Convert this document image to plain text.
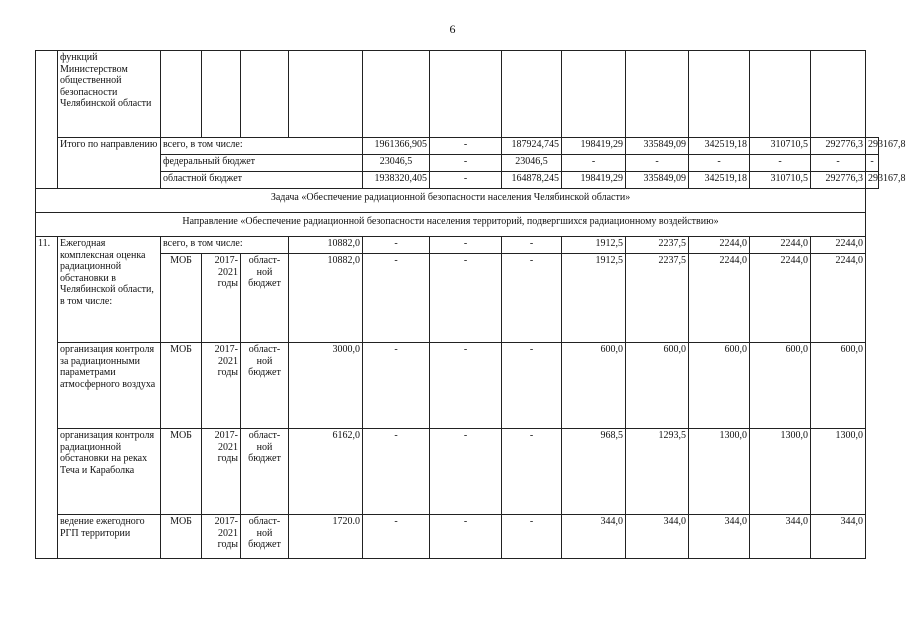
6
	функций Министерством общественной безопасности Челябинской области													
	Итого по направлению	всего, в том числе:				1961366,905	-	187924,745	198419,29	335849,09	342519,18	310710,5	292776,3	293167,8
		федеральный бюджет				23046,5	-	23046,5	-	-	-	-	-	-
		областной бюджет				1938320,405	-	164878,245	198419,29	335849,09	342519,18	310710,5	292776,3	293167,8
Задача «Обеспечение радиационной безопасности населения Челябинской области»														
Направление «Обеспечение радиационной безопасности населения территорий, подвергшихся радиационному воздействию»														
11.	Ежегодная комплексная оценка радиационной обстановки в Челябинской области, в том числе:	всего, в том числе:			10882,0	-	-	-	1912,5	2237,5	2244,0	2244,0	2244,0	
		МОБ	2017-2021 годы	област-ной бюджет	10882,0	-	-	-	1912,5	2237,5	2244,0	2244,0	2244,0	
	организация контроля за радиационными параметрами атмосферного воздуха	МОБ	2017-2021 годы	област-ной бюджет	3000,0	-	-	-	600,0	600,0	600,0	600,0	600,0	
	организация контроля радиационной обстановки на реках Теча и Караболка	МОБ	2017-2021 годы	област-ной бюджет	6162,0	-	-	-	968,5	1293,5	1300,0	1300,0	1300,0	
	ведение ежегодного РГП территории	МОБ	2017-2021 годы	област-ной бюджет	1720.0	-	-	-	344,0	344,0	344,0	344,0	344,0	
